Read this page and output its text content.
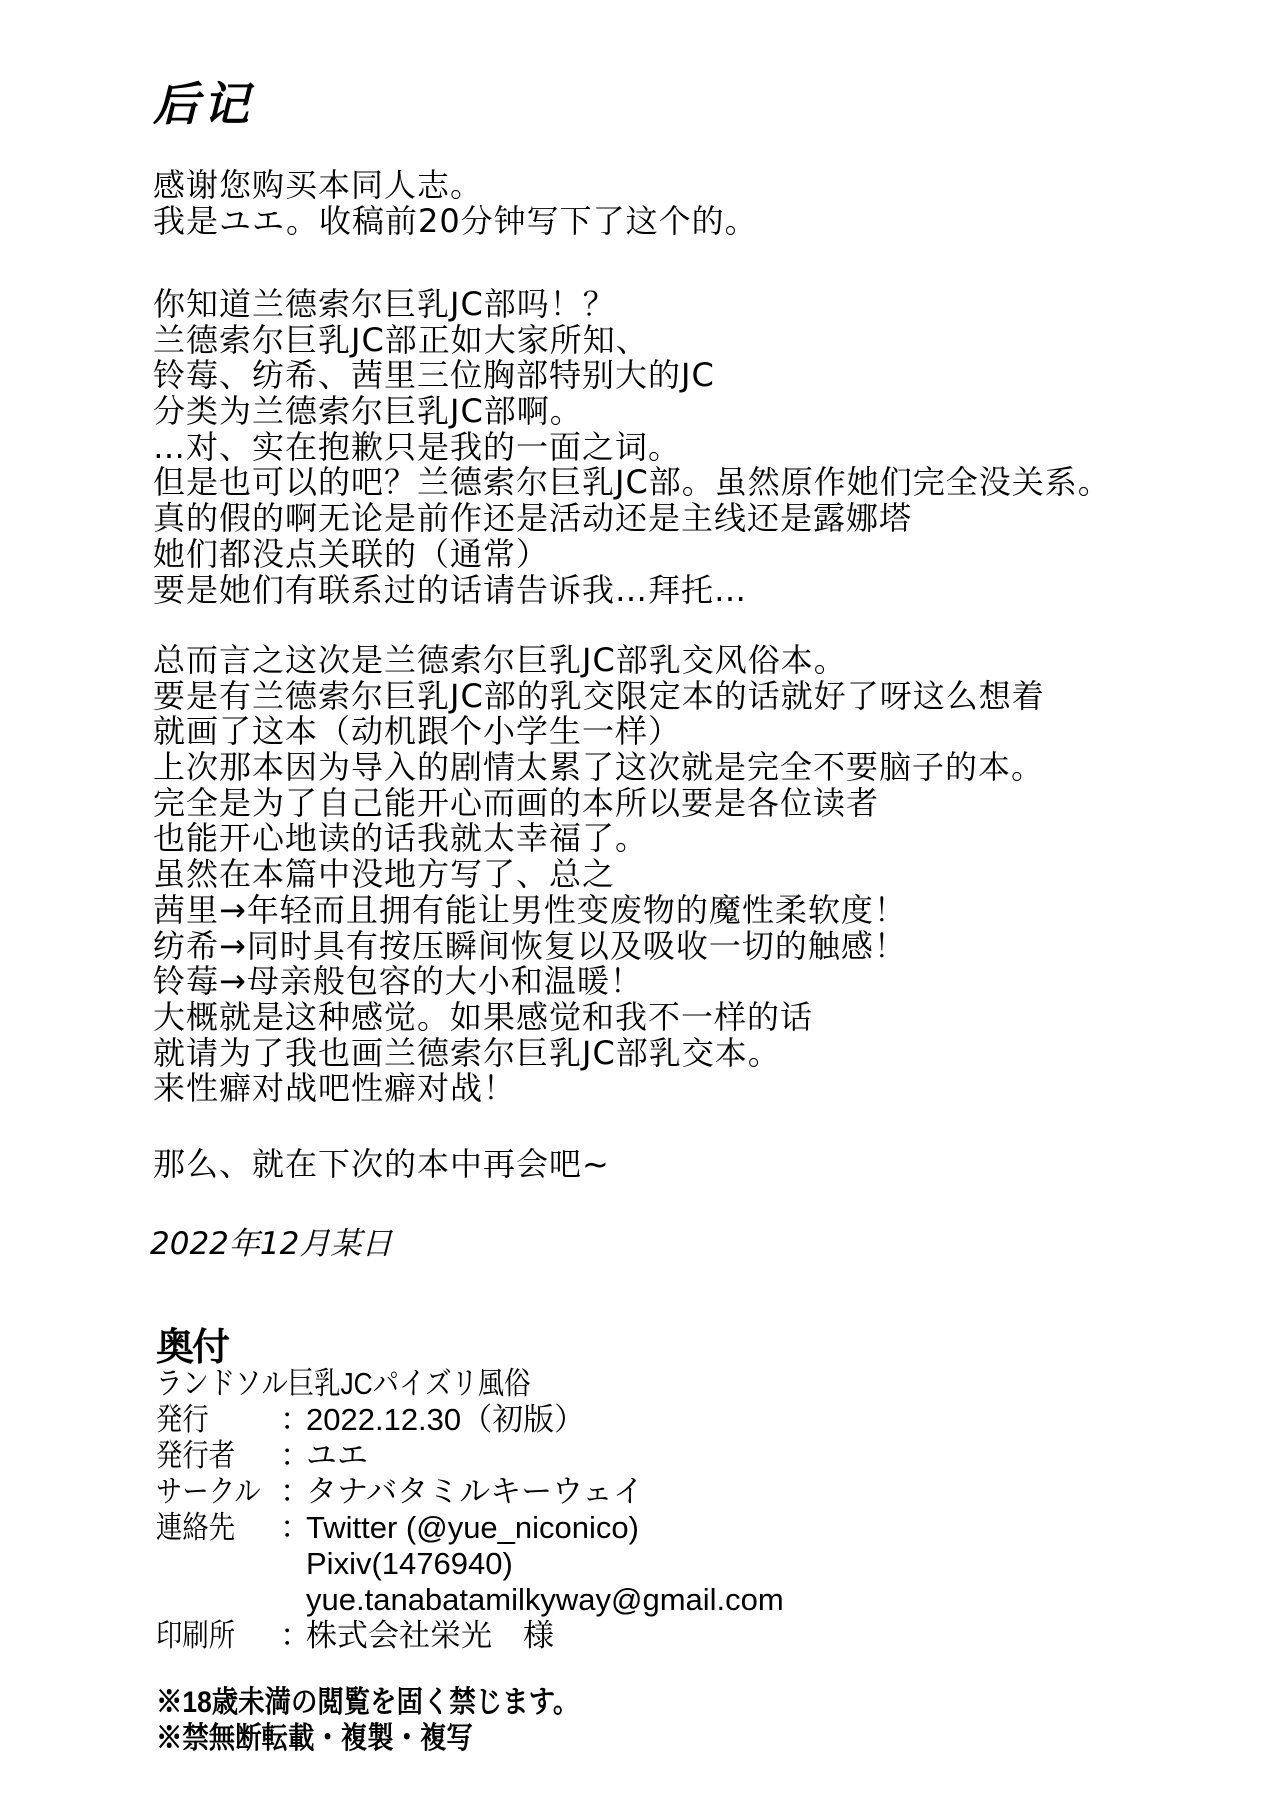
后记
感谢您购买本同人志。
我是ユエ。收稿前20分钟写下了这个的。
你知道兰德索尔巨乳JC部吗！？
兰德索尔巨乳JC部正如大家所知、
铃莓、纺希、茜里三位胸部特别大的JC
分类为兰德索尔巨乳JC部啊。
…对、实在抱歉只是我的一面之词。
但是也可以的吧？兰德索尔巨乳JC部。虽然原作她们完全没关系。
真的假的啊无论是前作还是活动还是主线还是露娜塔
她们都没点关联的（通常）
要是她们有联系过的话请告诉我…拜托…
总而言之这次是兰德索尔巨乳JC部乳交风俗本。
要是有兰德索尔巨乳JC部的乳交限定本的话就好了呀这么想着
就画了这本（动机跟个小学生一样）
上次那本因为导入的剧情太累了这次就是完全不要脑子的本。
完全是为了自己能开心而画的本所以要是各位读者
也能开心地读的话我就太幸福了。
虽然在本篇中没地方写了、总之
茜里→年轻而且拥有能让男性变废物的魔性柔软度！
纺希→同时具有按压瞬间恢复以及吸收一切的触感！
铃莓→母亲般包容的大小和温暖！
大概就是这种感觉。如果感觉和我不一样的话
就请为了我也画兰德索尔巨乳JC部乳交本。
来性癖对战吧性癖对战！
那么、就在下次的本中再会吧~
2022年12月某日
奥付
ランドソル巨乳JCパイズリ風俗
発行 ：
2022.12.30（初版）
発行者 ：
ユエ
サークル ：
タナバタミルキーウェイ
連絡先 ：
Twitter (@yue_niconico)
Pixiv(1476940)
yue.tanabatamilkyway@gmail.com
印刷所 ：
株式会社栄光　様
※18歳未満の閲覧を固く禁じます。
※禁無断転載・複製・複写
